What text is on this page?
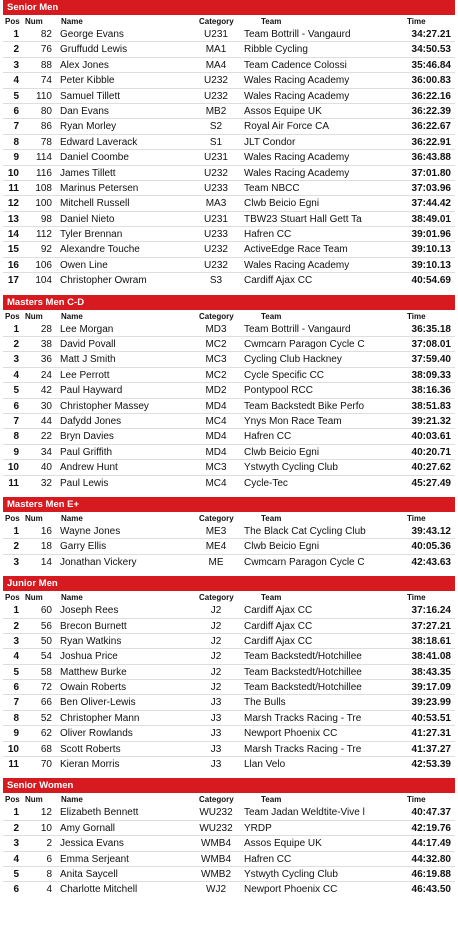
Senior Men
Pos Num Name	Category	Team	Time
1	82 George Evans	U231	Team Bottrill - Vangaurd	34:27.21
2	76 Gruffudd Lewis	MA1	Ribble Cycling	34:50.53
3	88 Alex Jones	MA4	Team Cadence Colossi	35:46.84
4	74 Peter Kibble	U232	Wales Racing Academy	36:00.83
5	110 Samuel Tillett	U232	Wales Racing Academy	36:22.16
6	80 Dan Evans	MB2	Assos Equipe UK	36:22.39
7	86 Ryan Morley	S2	Royal Air Force CA	36:22.67
8	78 Edward Laverack	S1	JLT Condor	36:22.91
9	114 Daniel Coombe	U231	Wales Racing Academy	36:43.88
10	116 James Tillett	U232	Wales Racing Academy	37:01.80
11	108 Marinus Petersen	U233	Team NBCC	37:03.96
12	100 Mitchell Russell	MA3	Clwb Beicio Egni	37:44.42
13	98 Daniel Nieto	U231	TBW23 Stuart Hall Gett Ta	38:49.01
14	112 Tyler Brennan	U233	Hafren CC	39:01.96
15	92 Alexandre Touche	U232	ActiveEdge Race Team	39:10.13
16	106 Owen Line	U232	Wales Racing Academy	39:10.13
17	104 Christopher Owram	S3	Cardiff Ajax CC	40:54.69
Masters Men C-D
Pos Num Name	Category	Team	Time
1	28 Lee Morgan	MD3	Team Bottrill - Vangaurd	36:35.18
2	38 David Povall	MC2	Cwmcarn Paragon Cycle C	37:08.01
3	36 Matt J Smith	MC3	Cycling Club Hackney	37:59.40
4	24 Lee Perrott	MC2	Cycle Specific CC	38:09.33
5	42 Paul Hayward	MD2	Pontypool RCC	38:16.36
6	30 Christopher Massey	MD4	Team Backstedt Bike Perfo	38:51.83
7	44 Dafydd Jones	MC4	Ynys Mon Race Team	39:21.32
8	22 Bryn Davies	MD4	Hafren CC	40:03.61
9	34 Paul Griffith	MD4	Clwb Beicio Egni	40:20.71
10	40 Andrew Hunt	MC3	Ystwyth Cycling Club	40:27.62
11	32 Paul Lewis	MC4	Cycle-Tec	45:27.49
Masters Men E+
Pos Num Name	Category	Team	Time
1	16 Wayne Jones	ME3	The Black Cat Cycling Club	39:43.12
2	18 Garry Ellis	ME4	Clwb Beicio Egni	40:05.36
3	14 Jonathan Vickery	ME	Cwmcarn Paragon Cycle C	42:43.63
Junior Men
Pos Num Name	Category	Team	Time
1	60 Joseph Rees	J2	Cardiff Ajax CC	37:16.24
2	56 Brecon Burnett	J2	Cardiff Ajax CC	37:27.21
3	50 Ryan Watkins	J2	Cardiff Ajax CC	38:18.61
4	54 Joshua Price	J2	Team Backstedt/Hotchillee	38:41.08
5	58 Matthew Burke	J2	Team Backstedt/Hotchillee	38:43.35
6	72 Owain Roberts	J2	Team Backstedt/Hotchillee	39:17.09
7	66 Ben Oliver-Lewis	J3	The Bulls	39:23.99
8	52 Christopher Mann	J3	Marsh Tracks Racing - Tre	40:53.51
9	62 Oliver Rowlands	J3	Newport Phoenix CC	41:27.31
10	68 Scott Roberts	J3	Marsh Tracks Racing - Tre	41:37.27
11	70 Kieran Morris	J3	Llan Velo	42:53.39
Senior Women
Pos Num Name	Category	Team	Time
1	12 Elizabeth Bennett	WU232	Team Jadan Weldtite-Vive l	40:47.37
2	10 Amy Gornall	WU232	YRDP	42:19.76
3	2 Jessica Evans	WMB4	Assos Equipe UK	44:17.49
4	6 Emma Serjeant	WMB4	Hafren CC	44:32.80
5	8 Anita Saycell	WMB2	Ystwyth Cycling Club	46:19.88
6	4 Charlotte Mitchell	WJ2	Newport Phoenix CC	46:43.50
